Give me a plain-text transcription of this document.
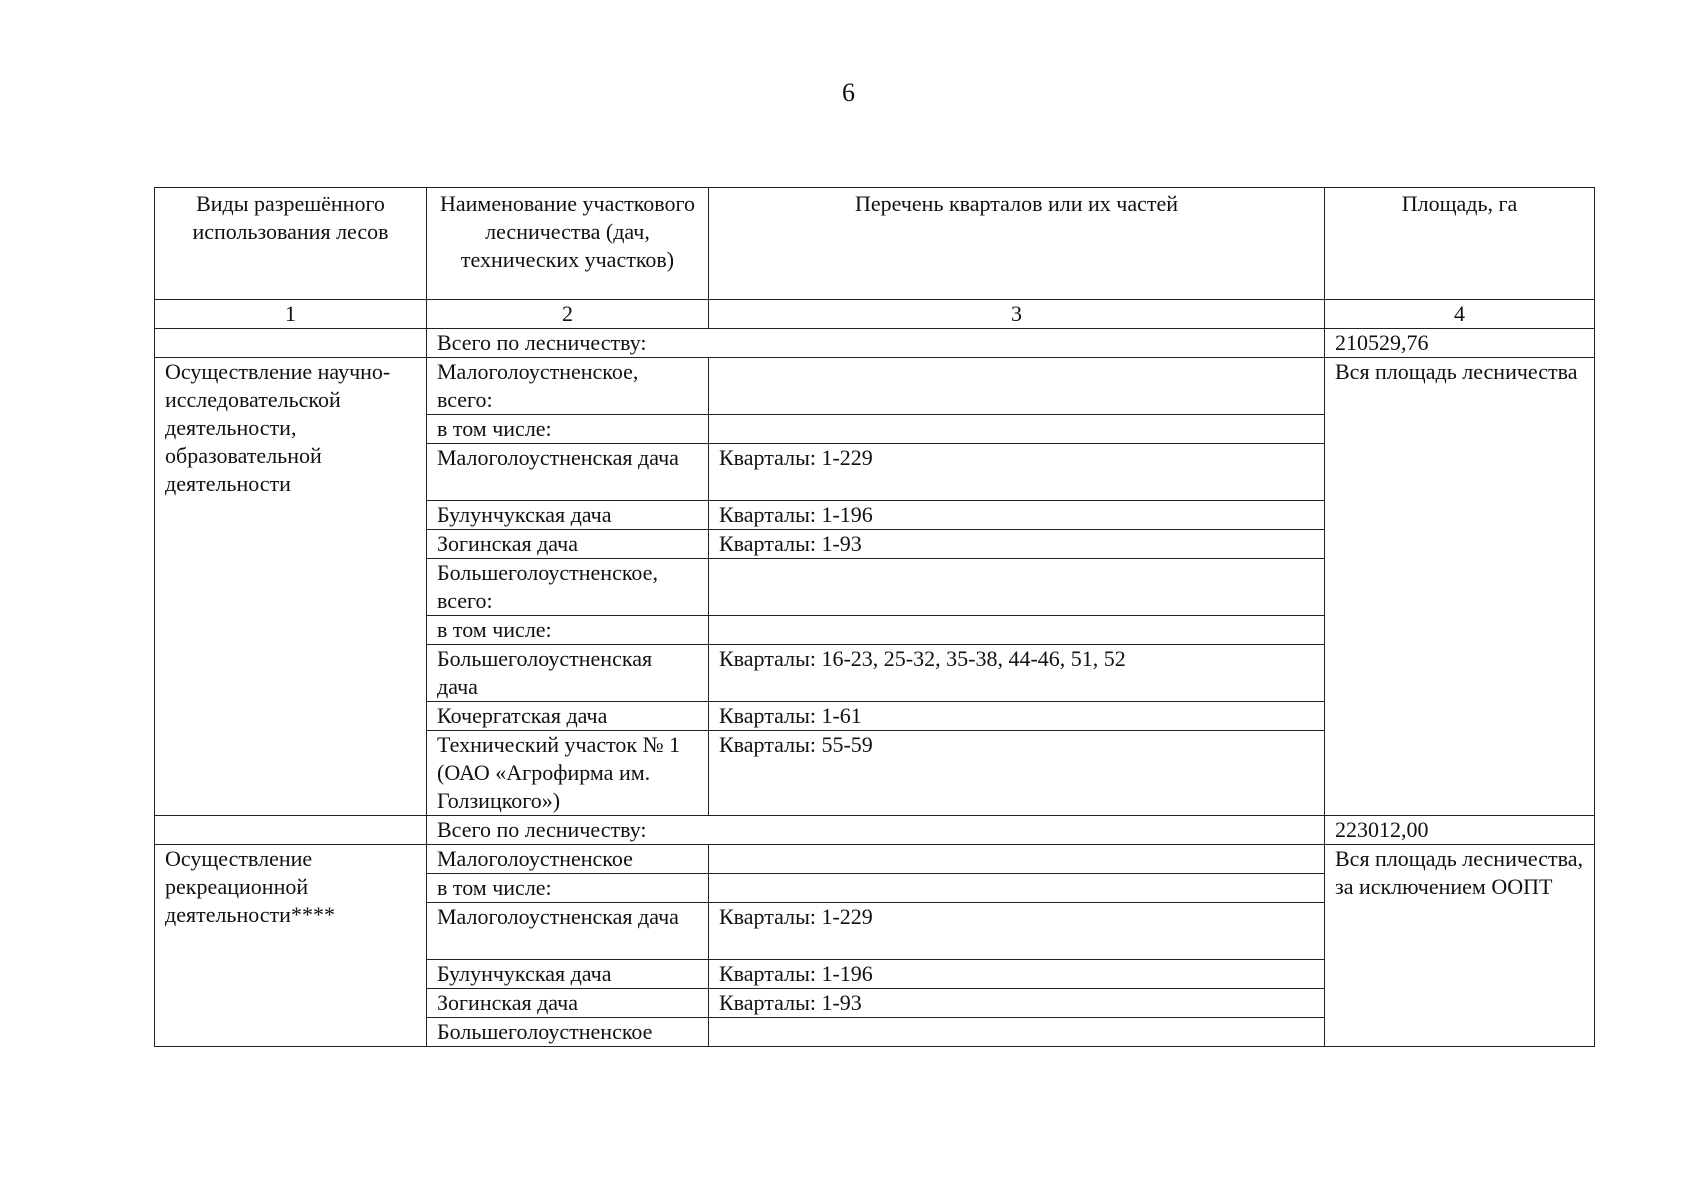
6
Виды разрешённого использования лесов	Наименование участкового лесничества (дач, технических участков)	Перечень кварталов или их частей	Площадь, га
1	2	3	4
	Всего по лесничеству:		210529,76
Осуществление научно-исследовательской деятельности, образовательной деятельности	Малоголоустненское, всего:		Вся площадь лесничества
	в том числе:		
	Малоголоустненская дача	Кварталы: 1-229	
	Булунчукская дача	Кварталы: 1-196	
	Зогинская дача	Кварталы: 1-93	
	Большеголоустненское, всего:		
	в том числе:		
	Большеголоустненская дача	Кварталы: 16-23, 25-32, 35-38, 44-46, 51, 52	
	Кочергатская дача	Кварталы: 1-61	
	Технический участок № 1 (ОАО «Агрофирма им. Голзицкого»)	Кварталы: 55-59	
	Всего по лесничеству:		223012,00
Осуществление рекреационной деятельности****	Малоголоустненское		Вся площадь лесничества, за исключением ООПТ
	в том числе:		
	Малоголоустненская дача	Кварталы: 1-229	
	Булунчукская дача	Кварталы: 1-196	
	Зогинская дача	Кварталы: 1-93	
	Большеголоустненское		
